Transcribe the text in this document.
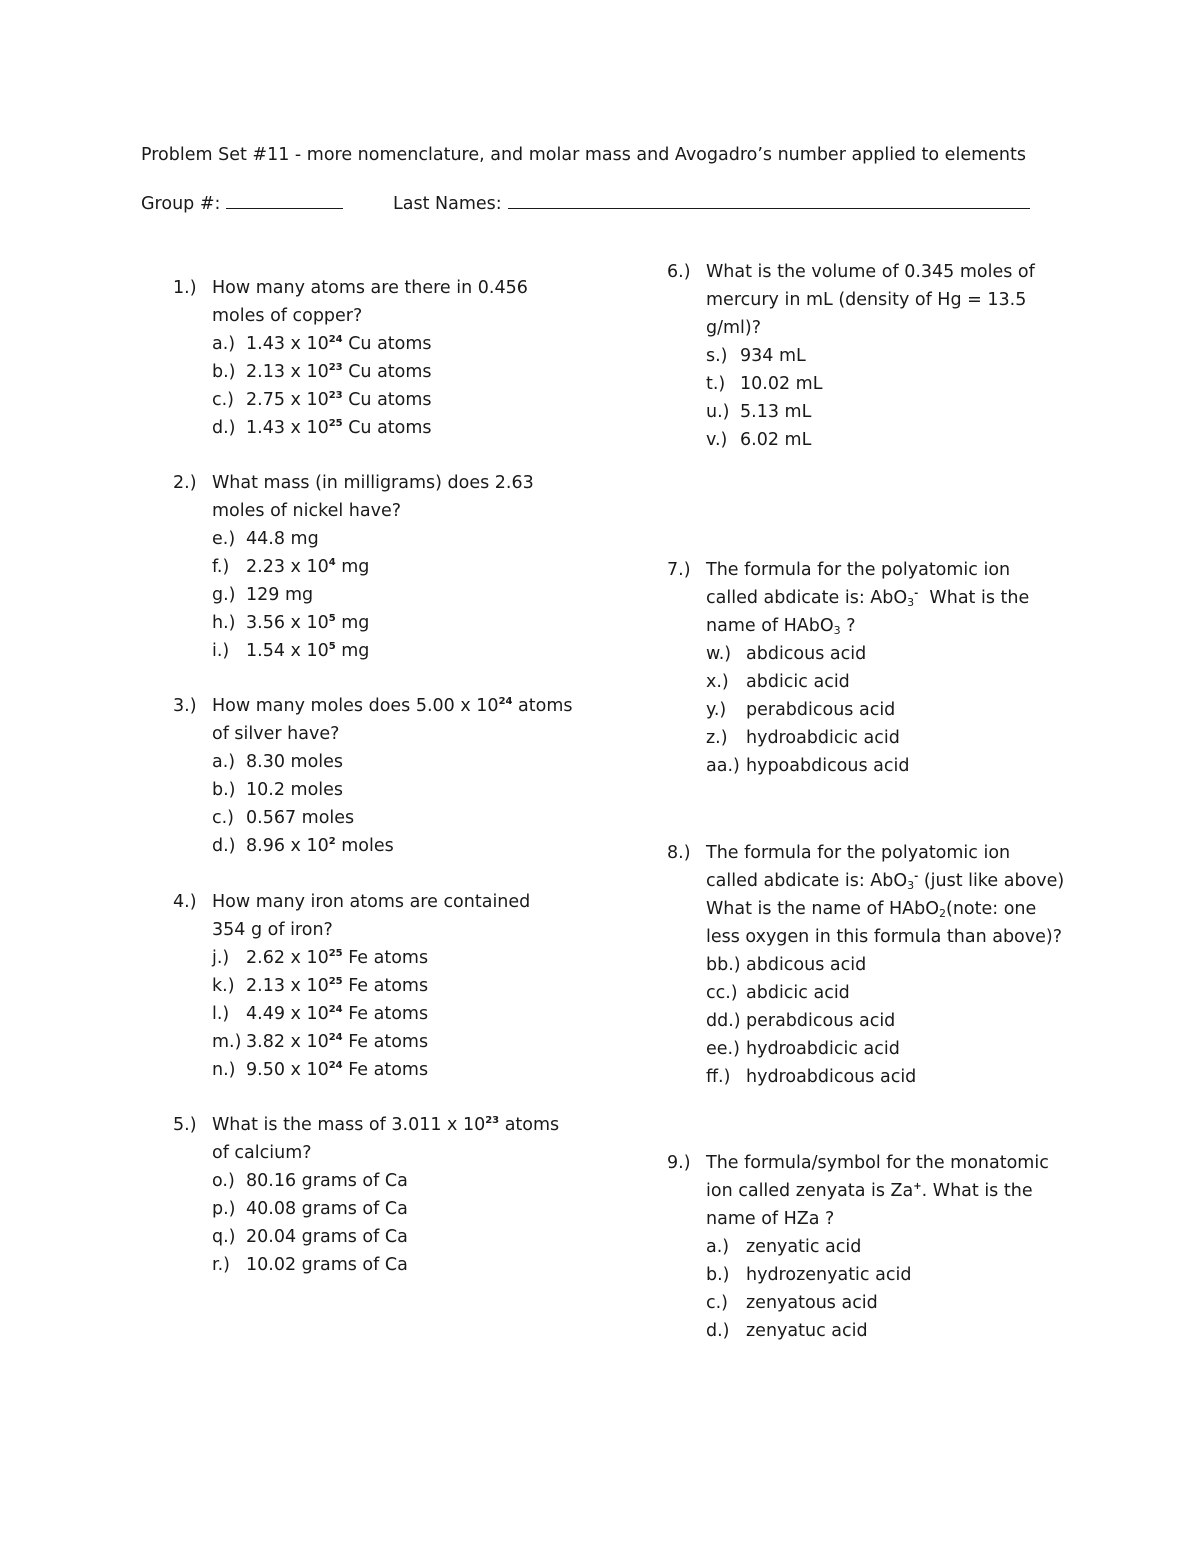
Problem Set #11 - more nomenclature, and molar mass and Avogadro’s number applied to elements
Group #:	Last Names:
1.) How many atoms are there in 0.456
moles of copper?
a.) 1.43 x $10^{24}$ Cu atoms
b.) 2.13 x $10^{23}$ Cu atoms
c.) 2.75 x $10^{23}$ Cu atoms
d.) 1.43 x $10^{25}$ Cu atoms
2.) What mass (in milligrams) does 2.63
moles of nickel have?
e.) 44.8 mg
f.) 2.23 x $10^4$ mg
g.) 129 mg
h.) 3.56 x $10^5$ mg
i.) 1.54 x $10^5$ mg
3.) How many moles does 5.00 x $10^{24}$ atoms
of silver have?
a.) 8.30 moles
b.) 10.2 moles
c.) 0.567 moles
d.) 8.96 x $10^2$ moles
4.) How many iron atoms are contained
354 g of iron?
j.) 2.62 x $10^{25}$ Fe atoms
k.) 2.13 x $10^{25}$ Fe atoms
l.) 4.49 x $10^{24}$ Fe atoms
m.) 3.82 x $10^{24}$ Fe atoms
n.) 9.50 x $10^{24}$ Fe atoms
5.) What is the mass of 3.011 x $10^{23}$ atoms
of calcium?
o.) 80.16 grams of Ca
p.) 40.08 grams of Ca
q.) 20.04 grams of Ca
r.) 10.02 grams of Ca
6.) What is the volume of 0.345 moles of
mercury in mL (density of Hg = 13.5
g/ml)?
s.) 934 mL
t.) 10.02 mL
u.) 5.13 mL
v.) 6.02 mL
7.) The formula for the polyatomic ion
called abdicate is: AbO$_3$-  What is the
name of HAbO$_3$ ?
w.) abdicous acid
x.) abdicic acid
y.) perabdicous acid
z.) hydroabdicic acid
aa.) hypoabdicous acid
8.) The formula for the polyatomic ion
called abdicate is: AbO$_3$- (just like above)
What is the name of HAbO$_2$(note: one
less oxygen in this formula than above)?
bb.) abdicous acid
cc.) abdicic acid
dd.) perabdicous acid
ee.) hydroabdicic acid
ff.) hydroabdicous acid
9.) The formula/symbol for the monatomic
ion called zenyata is Za+. What is the
name of HZa ?
a.) zenyatic acid
b.) hydrozenyatic acid
c.) zenyatous acid
d.) zenyatuc acid
